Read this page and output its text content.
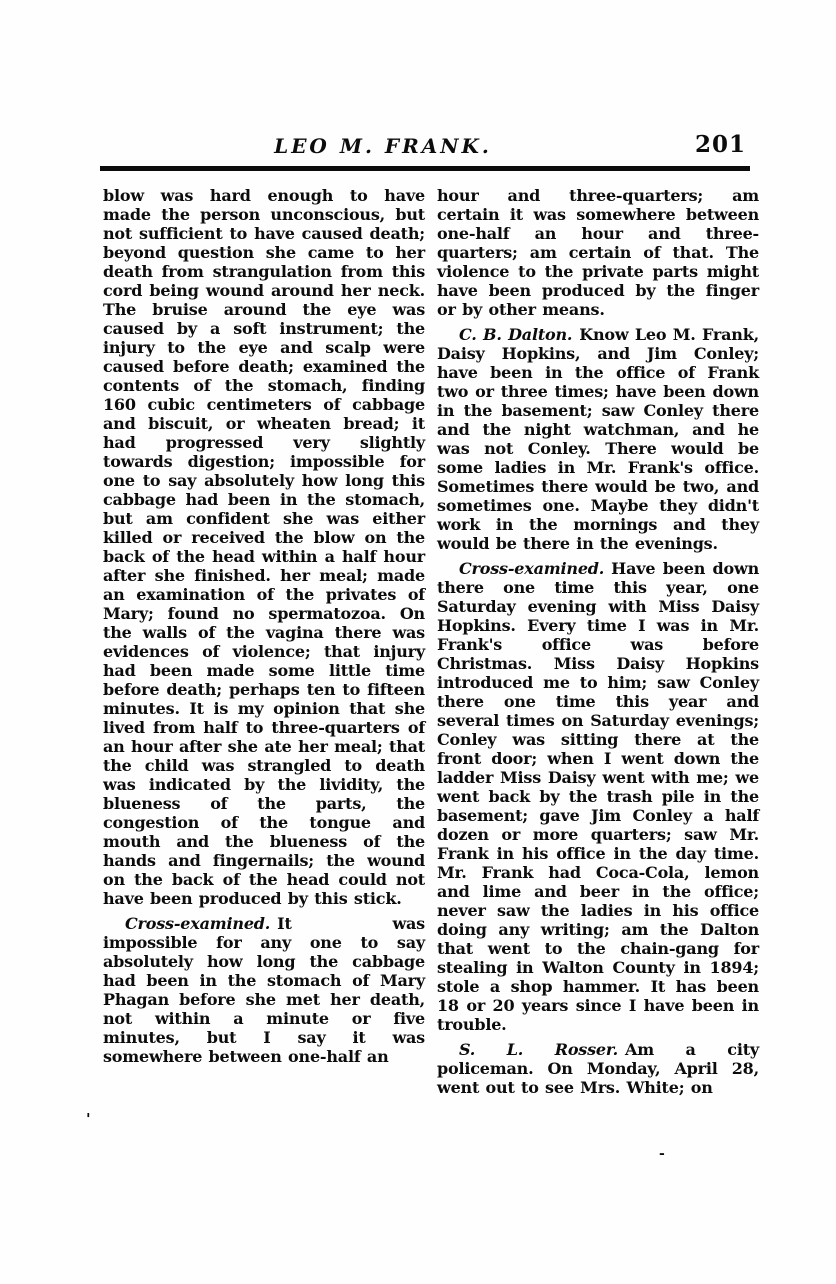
LEO M. FRANK.	201

blow was hard enough to have made the person unconscious, but not sufficient to have caused death; beyond question she came to her death from strangulation from this cord being wound around her neck. The bruise around the eye was caused by a soft instrument; the injury to the eye and scalp were caused before death; examined the contents of the stomach, finding 160 cubic centimeters of cabbage and biscuit, or wheaten bread; it had progressed very slightly towards digestion; impossible for one to say absolutely how long this cabbage had been in the stomach, but am confident she was either killed or received the blow on the back of the head within a half hour after she finished. her meal; made an examination of the privates of Mary; found no spermatozoa. On the walls of the vagina there was evidences of violence; that injury had been made some little time before death; perhaps ten to fifteen minutes. It is my opinion that she lived from half to three-quarters of an hour after she ate her meal; that the child was strangled to death was indicated by the lividity, the blueness of the parts, the congestion of the tongue and mouth and the blueness of the hands and fingernails; the wound on the back of the head could not have been produced by this stick.

Cross-examined. It was impossible for any one to say absolutely how long the cabbage had been in the stomach of Mary Phagan before she met her death, not within a minute or five minutes, but I say it was somewhere between one-half an

hour and three-quarters; am certain it was somewhere between one-half an hour and three-quarters; am certain of that. The violence to the private parts might have been produced by the finger or by other means.

C. B. Dalton. Know Leo M. Frank, Daisy Hopkins, and Jim Conley; have been in the office of Frank two or three times; have been down in the basement; saw Conley there and the night watchman, and he was not Conley. There would be some ladies in Mr. Frank's office. Sometimes there would be two, and sometimes one. Maybe they didn't work in the mornings and they would be there in the evenings.

Cross-examined. Have been down there one time this year, one Saturday evening with Miss Daisy Hopkins. Every time I was in Mr. Frank's office was before Christmas. Miss Daisy Hopkins introduced me to him; saw Conley there one time this year and several times on Saturday evenings; Conley was sitting there at the front door; when I went down the ladder Miss Daisy went with me; we went back by the trash pile in the basement; gave Jim Conley a half dozen or more quarters; saw Mr. Frank in his office in the day time. Mr. Frank had Coca-Cola, lemon and lime and beer in the office; never saw the ladies in his office doing any writing; am the Dalton that went to the chain-gang for stealing in Walton County in 1894; stole a shop hammer. It has been 18 or 20 years since I have been in trouble.

S. L. Rosser. Am a city policeman. On Monday, April 28, went out to see Mrs. White; on

'
-
